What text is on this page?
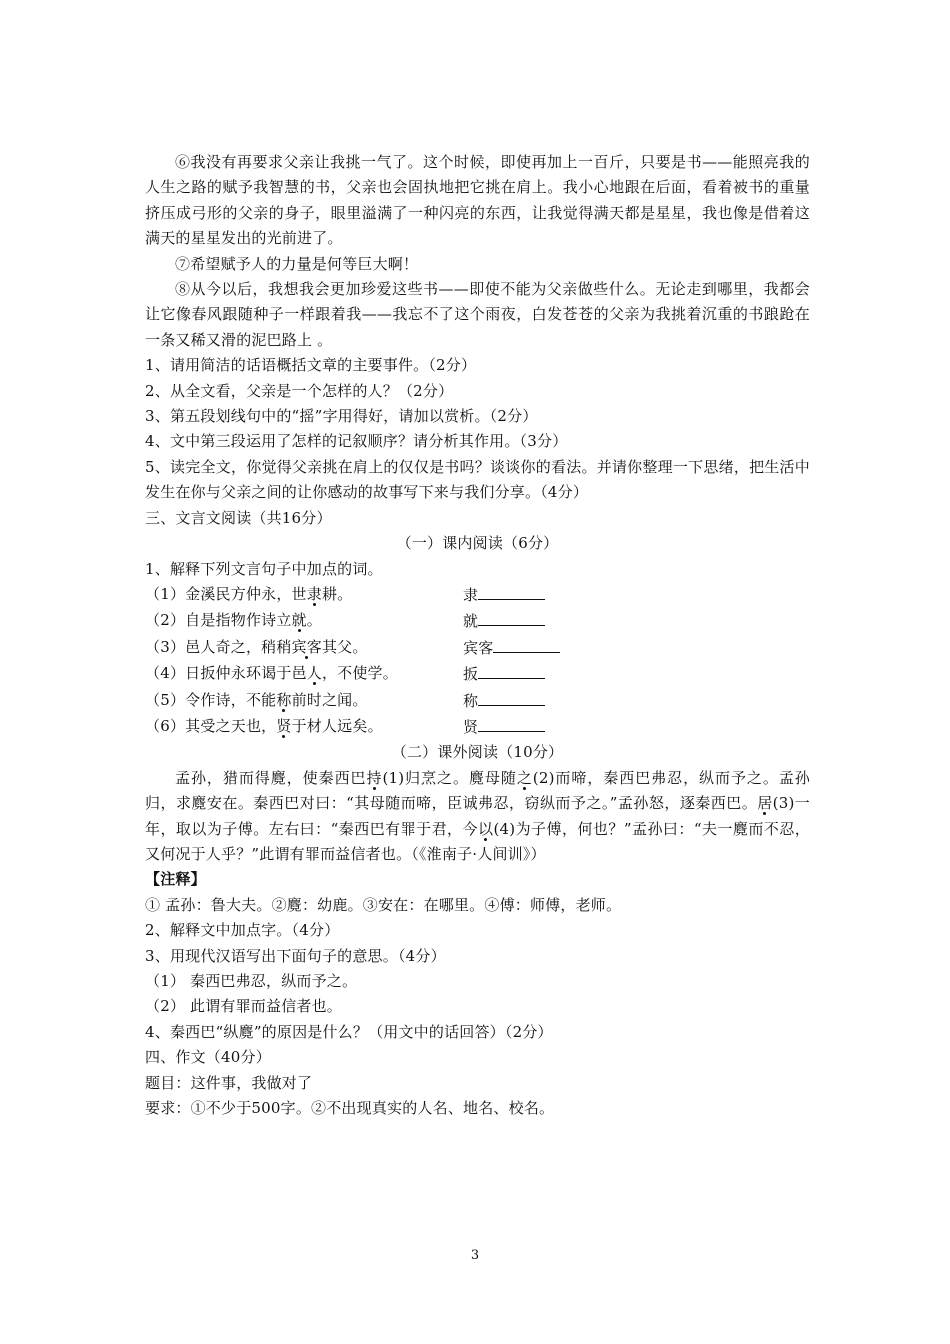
⑥我没有再要求父亲让我挑一气了。这个时候，即使再加上一百斤，只要是书——能照亮我的人生之路的赋予我智慧的书，父亲也会固执地把它挑在肩上。我小心地跟在后面，看着被书的重量挤压成弓形的父亲的身子，眼里溢满了一种闪亮的东西，让我觉得满天都是星星，我也像是借着这满天的星星发出的光前进了。

⑦希望赋予人的力量是何等巨大啊！

⑧从今以后，我想我会更加珍爱这些书——即使不能为父亲做些什么。无论走到哪里，我都会让它像春风跟随种子一样跟着我——我忘不了这个雨夜，白发苍苍的父亲为我挑着沉重的书踉跄在一条又稀又滑的泥巴路上 。

1、请用简洁的话语概括文章的主要事件。（2分）

2、从全文看，父亲是一个怎样的人？（2分）

3、第五段划线句中的“摇”字用得好，请加以赏析。（2分）

4、文中第三段运用了怎样的记叙顺序？请分析其作用。（3分）

5、读完全文，你觉得父亲挑在肩上的仅仅是书吗？谈谈你的看法。并请你整理一下思绪，把生活中发生在你与父亲之间的让你感动的故事写下来与我们分享。（4分）

三、文言文阅读（共16分）

（一）课内阅读（6分）

1、解释下列文言句子中加点的词。

（1）金溪民方仲永，世隶耕。	隶
（2）自是指物作诗立就。	就
（3）邑人奇之，稍稍宾客其父。	宾客
（4）日扳仲永环谒于邑人，不使学。	扳
（5）令作诗，不能称前时之闻。	称
（6）其受之天也，贤于材人远矣。	贤

（二）课外阅读（10分）

孟孙，猎而得麑，使秦西巴持(1)归烹之。麑母随之(2)而啼，秦西巴弗忍，纵而予之。孟孙归，求麑安在。秦西巴对曰：“其母随而啼，臣诚弗忍，窃纵而予之。”孟孙怒，逐秦西巴。居(3)一年，取以为子傅。左右曰：“秦西巴有罪于君，今以(4)为子傅，何也？”孟孙曰：“夫一麑而不忍，又何况于人乎？”此谓有罪而益信者也。（《淮南子·人间训》）

【注释】

① 孟孙：鲁大夫。②麑：幼鹿。③安在：在哪里。④傅：师傅，老师。

2、解释文中加点字。（4分）

3、用现代汉语写出下面句子的意思。（4分）

（1） 秦西巴弗忍，纵而予之。

（2） 此谓有罪而益信者也。

4、秦西巴“纵麑”的原因是什么？（用文中的话回答）（2分）

四、作文（40分）

题目：这件事，我做对了

要求：①不少于500字。②不出现真实的人名、地名、校名。

3
